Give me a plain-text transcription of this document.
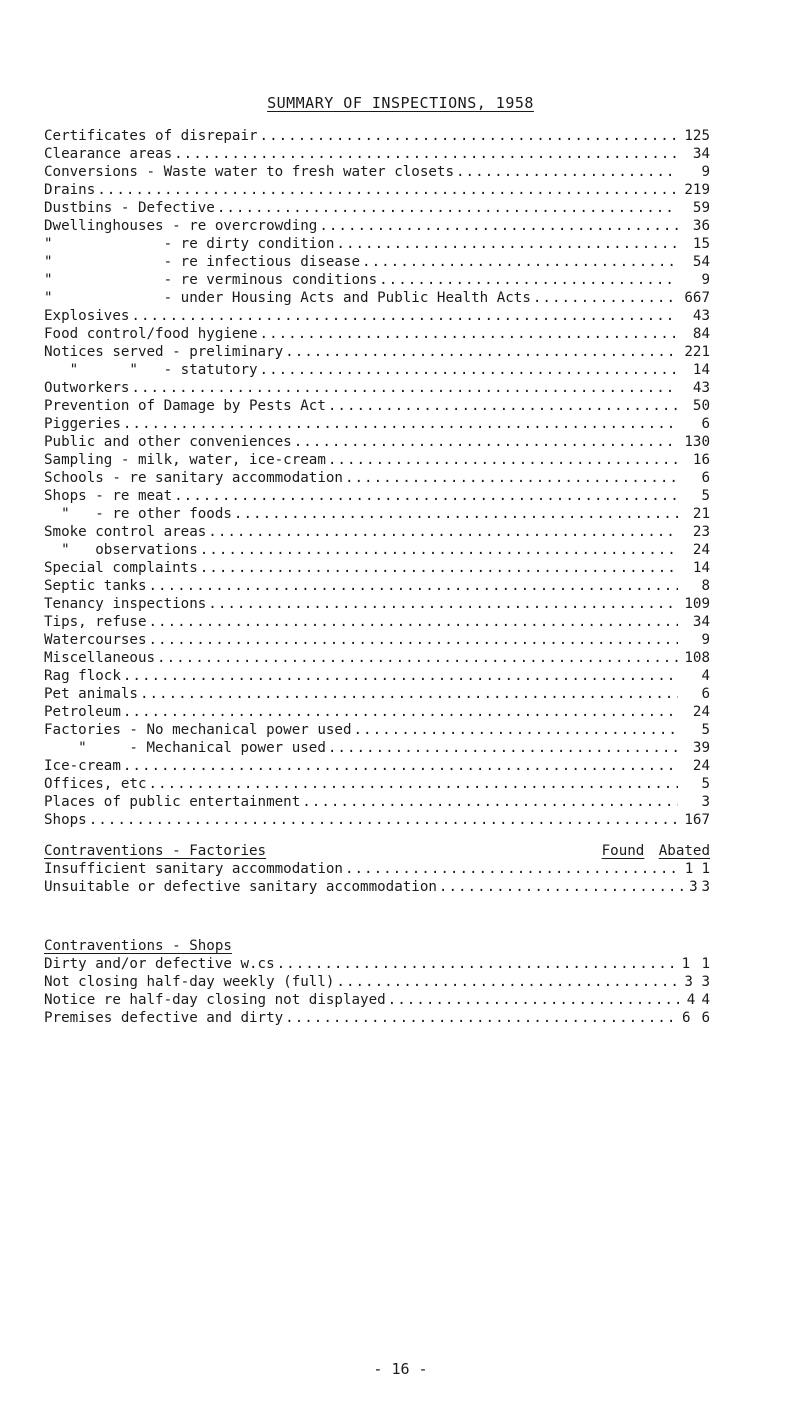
SUMMARY OF INSPECTIONS, 1958
Certificates of disrepair .....	125
Clearance areas .....	34
Conversions - Waste water to fresh water closets .....	9
Drains .....	219
Dustbins - Defective .....	59
Dwellinghouses - re overcrowding .....	36
"             - re dirty condition .....	15
"             - re infectious disease .....	54
"             - re verminous conditions .....	9
"             - under Housing Acts and Public Health Acts .....	667
Explosives .....	43
Food control/food hygiene .....	84
Notices served - preliminary .....	221
"      "   - statutory .....	14
Outworkers .....	43
Prevention of Damage by Pests Act .....	50
Piggeries .....	6
Public and other conveniences .....	130
Sampling - milk, water, ice-cream .....	16
Schools - re sanitary accommodation .....	6
Shops - re meat .....	5
"   - re other foods .....	21
Smoke control areas .....	23
"   observations .....	24
Special complaints .....	14
Septic tanks .....	8
Tenancy inspections .....	109
Tips, refuse .....	34
Watercourses .....	9
Miscellaneous .....	108
Rag flock .....	4
Pet animals .....	6
Petroleum .....	24
Factories - No mechanical power used .....	5
"     - Mechanical power used .....	39
Ice-cream .....	24
Offices, etc .....	5
Places of public entertainment .....	3
Shops .....	167
Contraventions - Factories	Found	Abated
Insufficient sanitary accommodation .....	1 1
Unsuitable or defective sanitary accommodation .....	3 3
Contraventions - Shops
Dirty and/or defective w.cs .....	1 1
Not closing half-day weekly (full) .....	3 3
Notice re half-day closing not displayed .....	4 4
Premises defective and dirty .....	6 6
- 16 -
